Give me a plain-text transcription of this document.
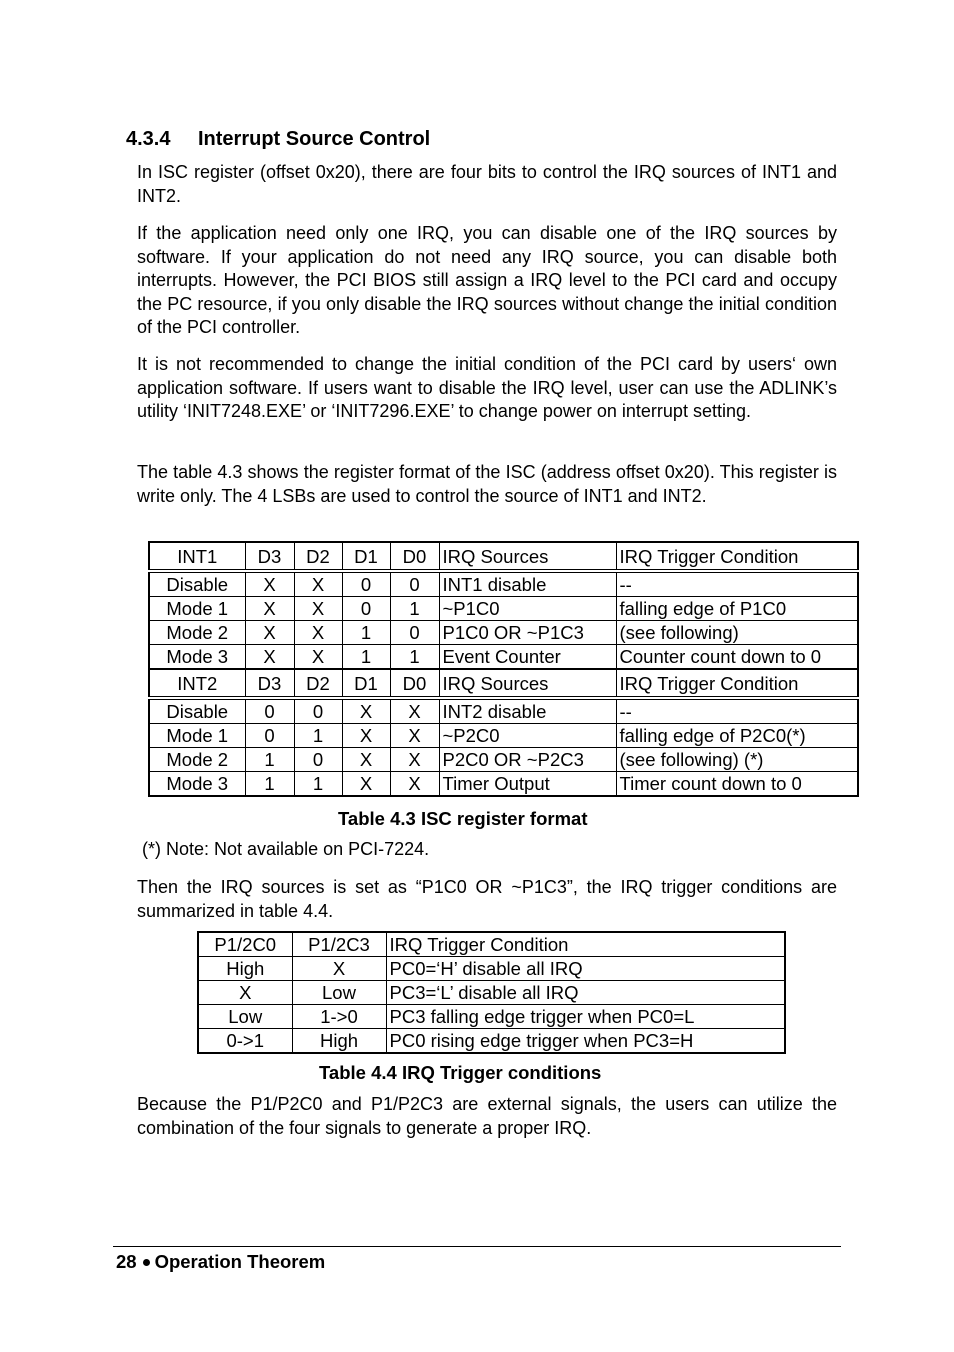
4.3.4 Interrupt Source Control

In ISC register (offset 0x20), there are four bits to control the IRQ sources of INT1 and INT2.

If the application need only one IRQ, you can disable one of the IRQ sources by software. If your application do not need any IRQ source, you can disable both interrupts. However, the PCI BIOS still assign a IRQ level to the PCI card and occupy the PC resource, if you only disable the IRQ sources without change the initial condition of the PCI controller.

It is not recommended to change the initial condition of the PCI card by users‘ own application software. If users want to disable the IRQ level, user can use the ADLINK’s utility ‘INIT7248.EXE’ or ‘INIT7296.EXE’ to change power on interrupt setting.

The table 4.3 shows the register format of the ISC (address offset 0x20). This register is write only. The 4 LSBs are used to control the source of INT1 and INT2.

INT1	D3	D2	D1	D0	IRQ Sources	IRQ Trigger Condition
Disable	X	X	0	0	INT1 disable	--
Mode 1	X	X	0	1	~P1C0	falling edge of P1C0
Mode 2	X	X	1	0	P1C0 OR ~P1C3	(see following)
Mode 3	X	X	1	1	Event Counter	Counter count down to 0
INT2	D3	D2	D1	D0	IRQ Sources	IRQ Trigger Condition
Disable	0	0	X	X	INT2 disable	--
Mode 1	0	1	X	X	~P2C0	falling edge of P2C0(*)
Mode 2	1	0	X	X	P2C0 OR ~P2C3	(see following) (*)
Mode 3	1	1	X	X	Timer Output	Timer count down to 0
Table 4.3 ISC register format
(*) Note: Not available on PCI-7224.

Then the IRQ sources is set as “P1C0 OR ~P1C3”, the IRQ trigger conditions are summarized in table 4.4.

P1/2C0	P1/2C3	IRQ Trigger Condition
High	X	PC0=‘H’ disable all IRQ
X	Low	PC3=‘L’ disable all IRQ
Low	1->0	PC3 falling edge trigger when PC0=L
0->1	High	PC0 rising edge trigger when PC3=H
Table 4.4 IRQ Trigger conditions

Because the P1/P2C0 and P1/P2C3 are external signals, the users can utilize the combination of the four signals to generate a proper IRQ.

28 Operation Theorem
